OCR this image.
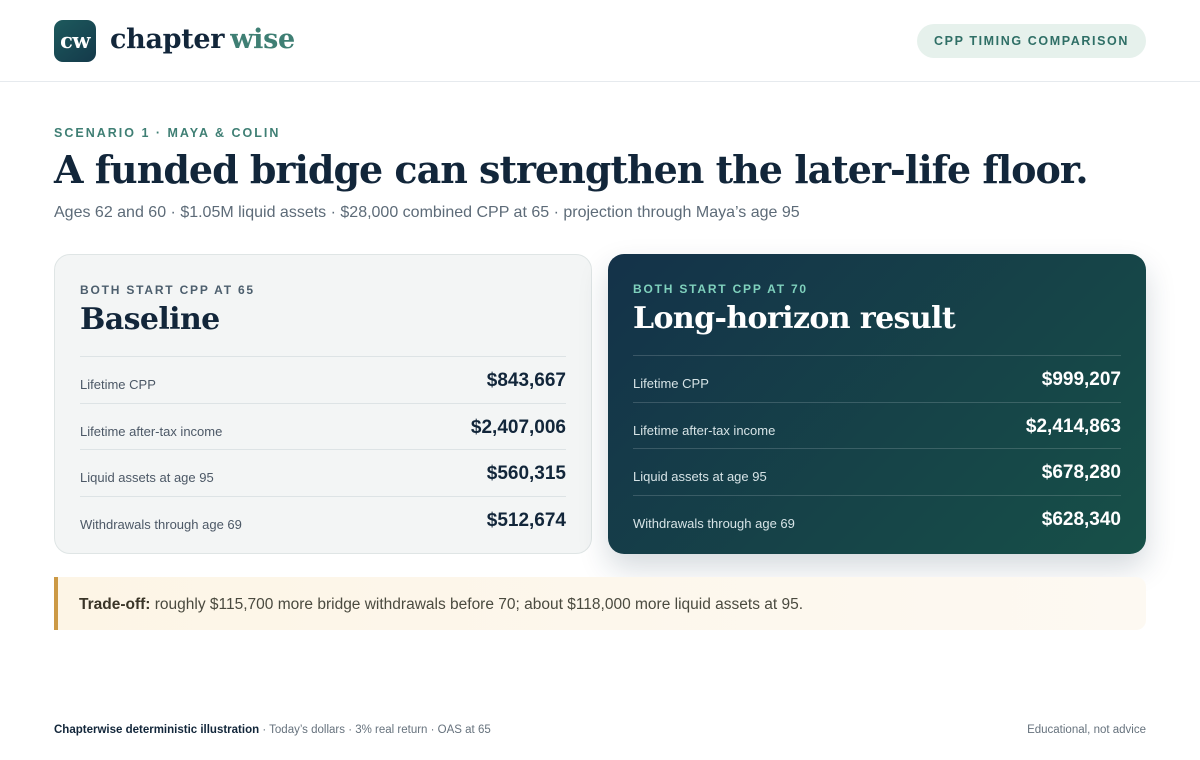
cw chapter wise	CPP TIMING COMPARISON
SCENARIO 1 · MAYA & COLIN
A funded bridge can strengthen the later-life floor.
Ages 62 and 60 · $1.05M liquid assets · $28,000 combined CPP at 65 · projection through Maya’s age 95
BOTH START CPP AT 65
Baseline
Lifetime CPP	$843,667
Lifetime after-tax income	$2,407,006
Liquid assets at age 95	$560,315
Withdrawals through age 69	$512,674
BOTH START CPP AT 70
Long-horizon result
Lifetime CPP	$999,207
Lifetime after-tax income	$2,414,863
Liquid assets at age 95	$678,280
Withdrawals through age 69	$628,340
Trade-off: roughly $115,700 more bridge withdrawals before 70; about $118,000 more liquid assets at 95.
Chapterwise deterministic illustration · Today’s dollars · 3% real return · OAS at 65	Educational, not advice
